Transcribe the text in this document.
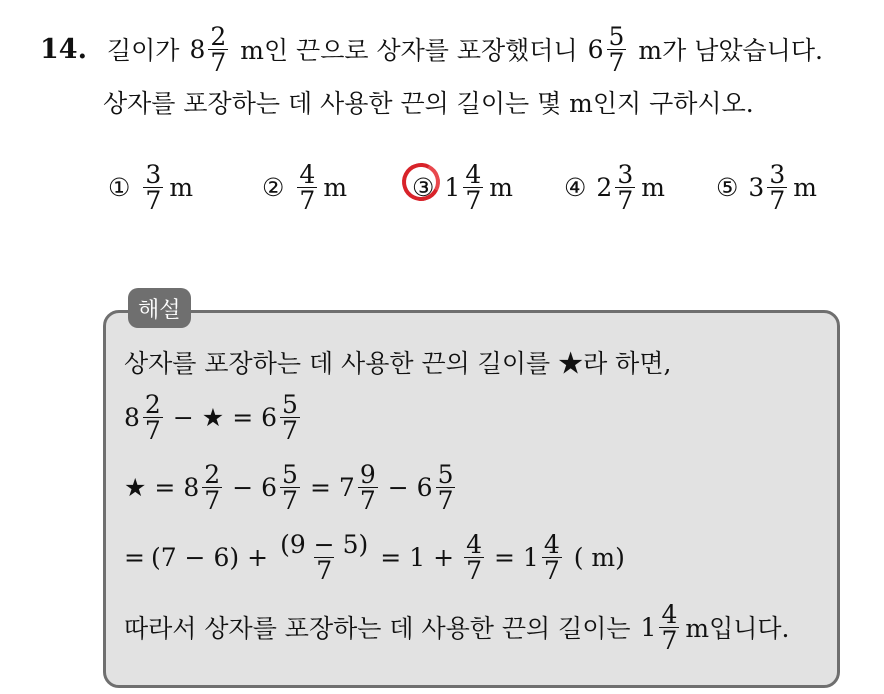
14. 길이가 $8 \frac{2}{7}$ m인 끈으로 상자를 포장했더니 $6 \frac{5}{7}$ m가 남았습니다.
상자를 포장하는 데 사용한 끈의 길이는 몇 m인지 구하시오.
① $\frac{3}{7}$ m	② $\frac{4}{7}$ m	③ $1 \frac{4}{7}$ m ④ $2 \frac{3}{7}$ m ⑤ $3 \frac{3}{7}$ m
해설
상자를 포장하는 데 사용한 끈의 길이를 ★라 하면,
$8 \frac{2}{7}$ − ★ = $6 \frac{5}{7}$
★ = $8 \frac{2}{7} - 6 \frac{5}{7} = 7 \frac{9}{7} - 6 \frac{5}{7}$
= $(7 - 6) + \frac{(9 - 5)}{7} = 1 + \frac{4}{7} = 1 \frac{4}{7}$ ( m)
따라서 상자를 포장하는 데 사용한 끈의 길이는 $1 \frac{4}{7}$ m입니다.
